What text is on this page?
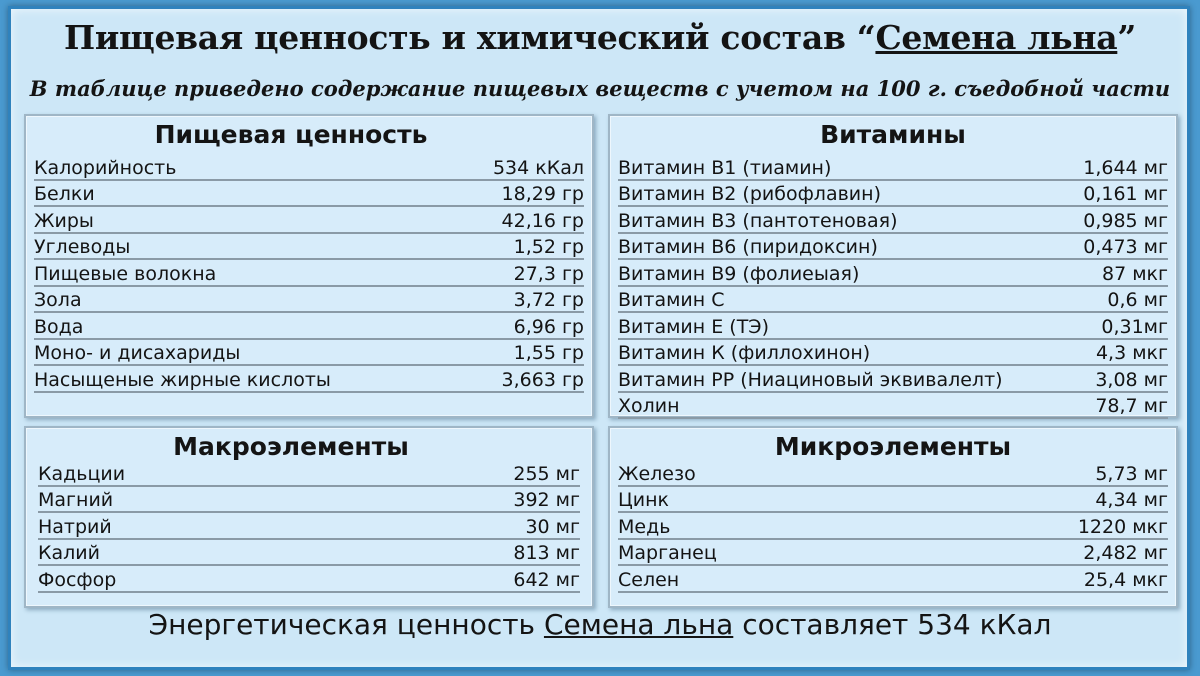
Пищевая ценность и химический состав “Семена льна”
В таблице приведено содержание пищевых веществ с учетом на 100 г. съедобной части
Пищевая ценность
Калорийность	534 кКал
Белки	18,29 гр
Жиры	42,16 гр
Углеводы	1,52 гр
Пищевые волокна	27,3 гр
Зола	3,72 гр
Вода	6,96 гр
Моно- и дисахариды	1,55 гр
Насыщеные жирные кислоты	3,663 гр
Витамины
Витамин В1 (тиамин)	1,644 мг
Витамин В2 (рибофлавин)	0,161 мг
Витамин В3 (пантотеновая)	0,985 мг
Витамин В6 (пиридоксин)	0,473 мг
Витамин В9 (фолиеыая)	87 мкг
Витамин С	0,6 мг
Витамин Е (ТЭ)	0,31мг
Витамин К (филлохинон)	4,3 мкг
Витамин РР (Ниациновый эквивалелт)	3,08 мг
Холин	78,7 мг
Макроэлементы
Кадьции	255 мг
Магний	392 мг
Натрий	30 мг
Калий	813 мг
Фосфор	642 мг
Микроэлементы
Железо	5,73 мг
Цинк	4,34 мг
Медь	1220 мкг
Марганец	2,482 мг
Селен	25,4 мкг
Энергетическая ценность Семена льна составляет 534 кКал
